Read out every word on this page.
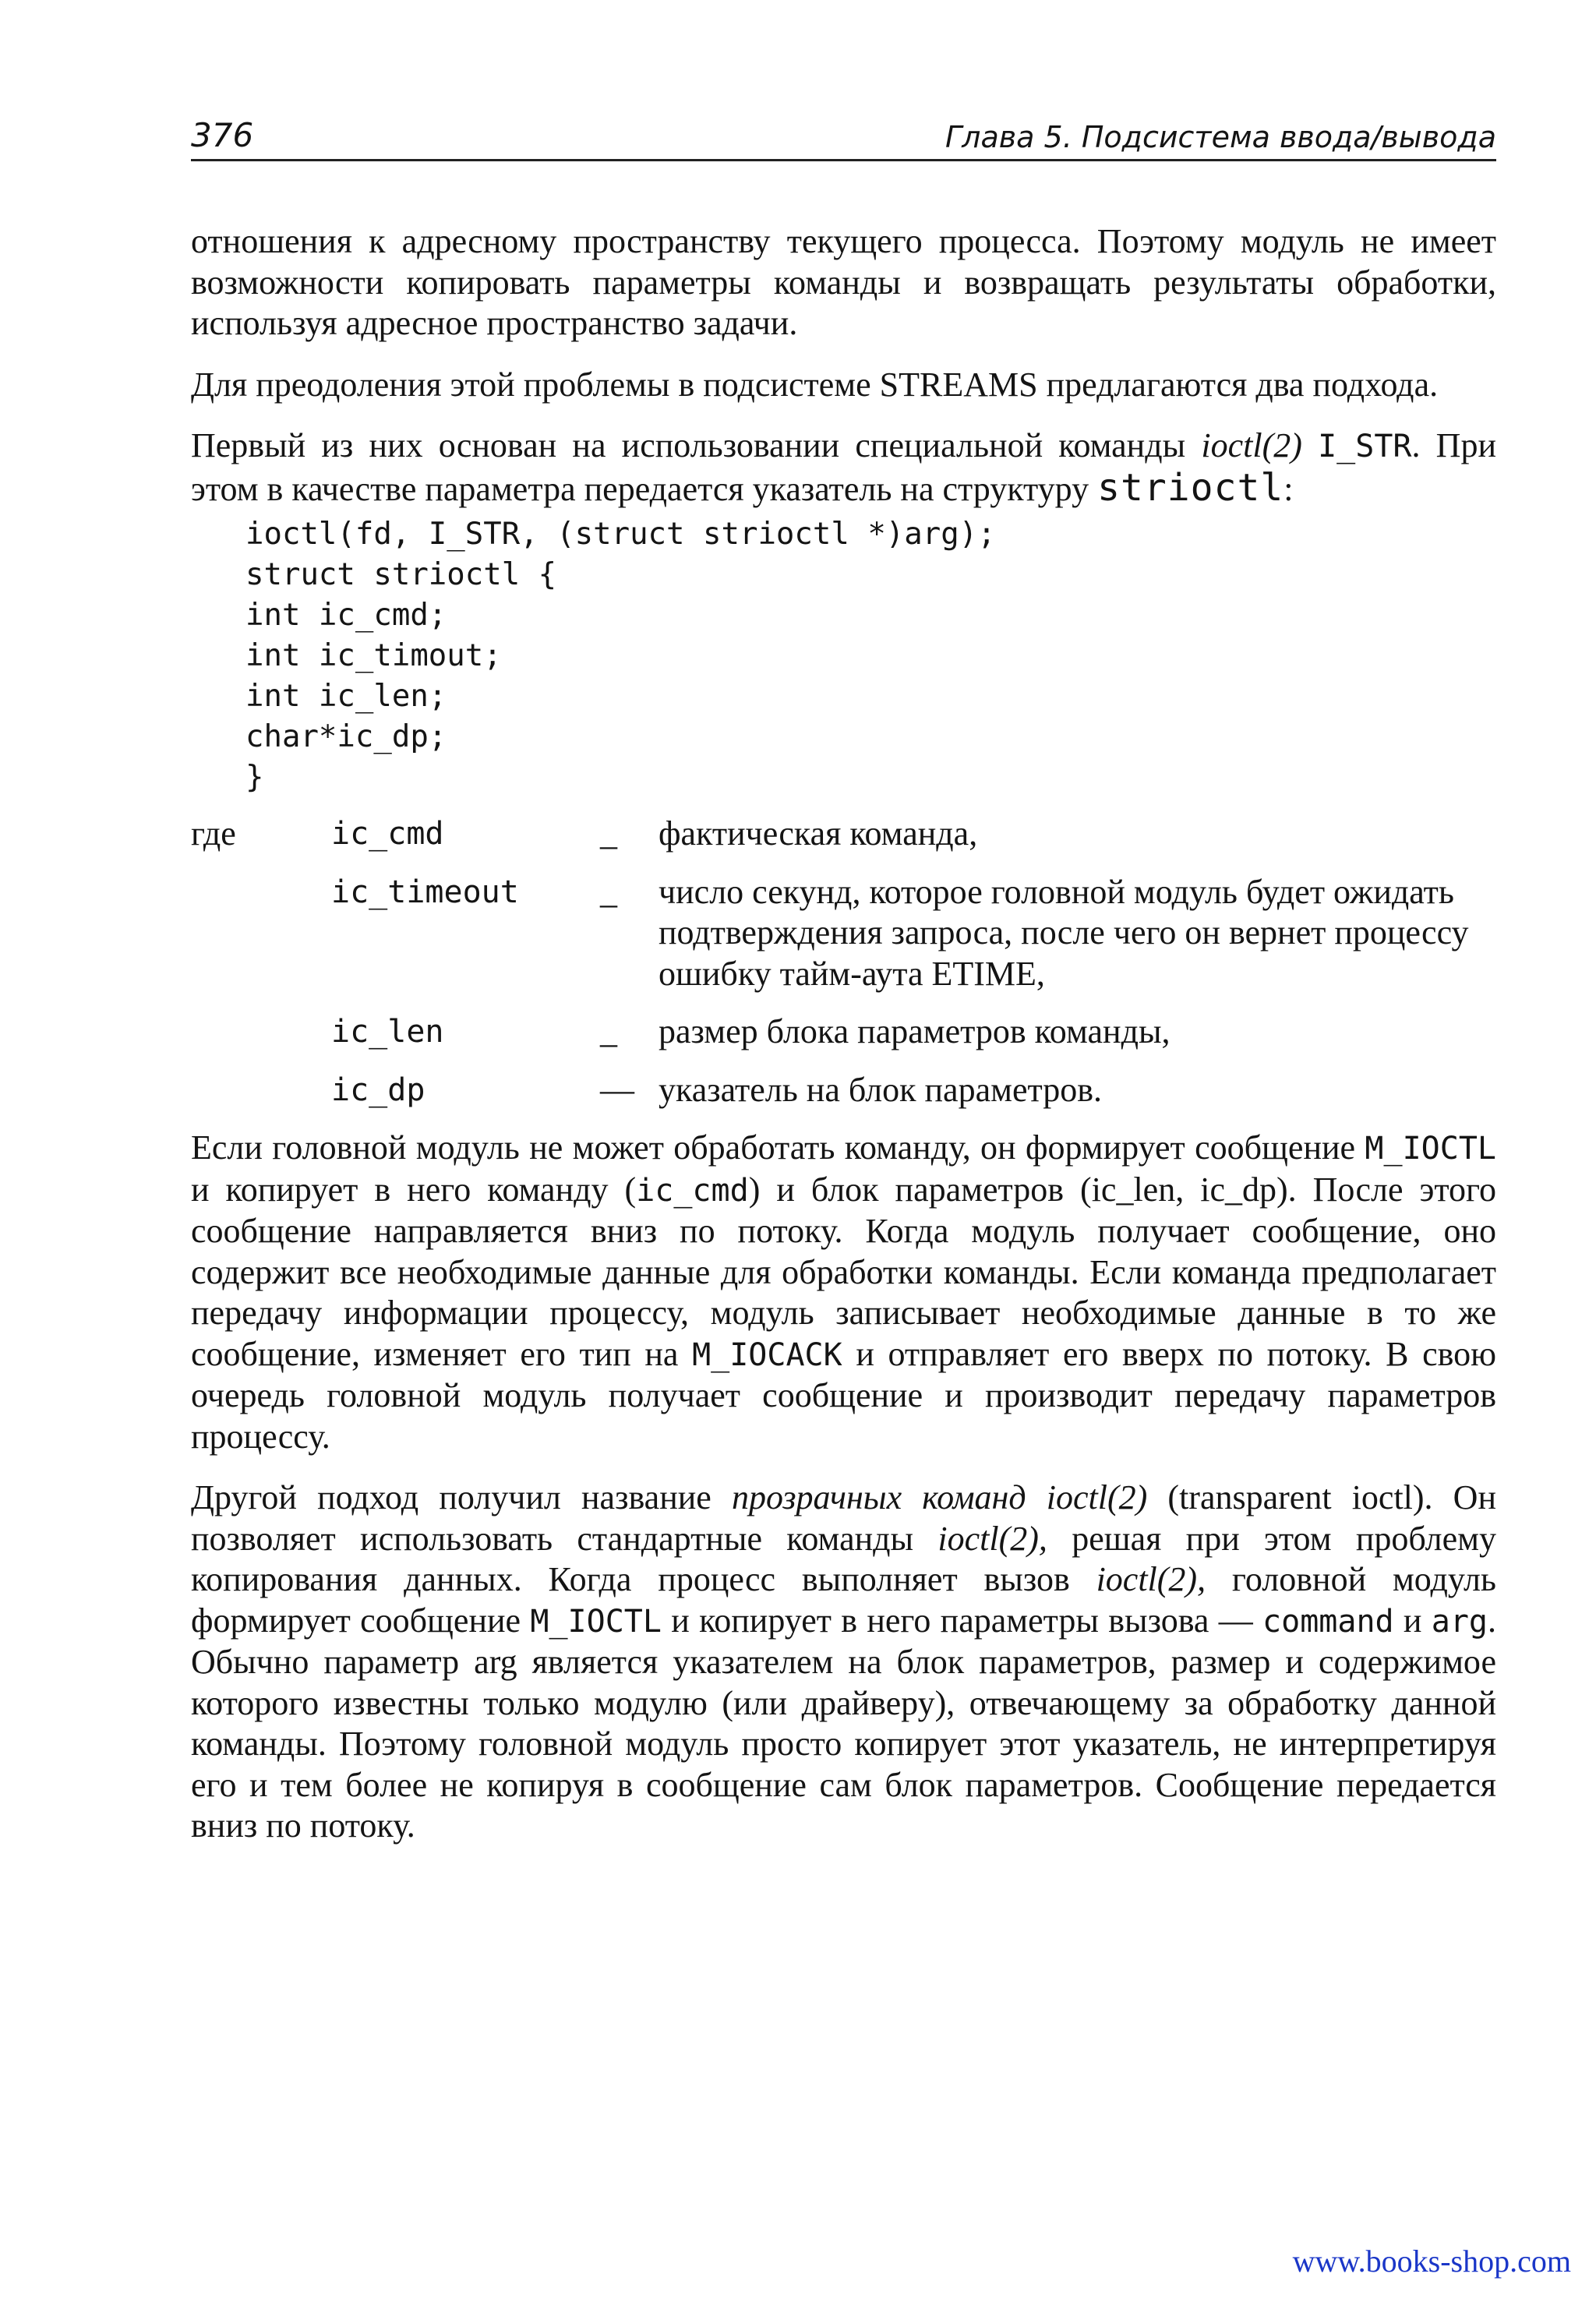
376	Глава 5. Подсистема ввода/вывода

отношения к адресному пространству текущего процесса. Поэтому модуль не имеет возможности копировать параметры команды и возвращать результаты обработки, используя адресное пространство задачи.

Для преодоления этой проблемы в подсистеме STREAMS предлагаются два подхода.

Первый из них основан на использовании специальной команды ioctl(2) I_STR. При этом в качестве параметра передается указатель на структуру strioctl:

ioctl(fd, I_STR, (struct strioctl *)arg);
struct strioctl {
int ic_cmd;
int ic_timout;
int ic_len;
char*ic_dp;
}
где	ic_cmd	_	фактическая команда,
ic_timeout	_	число секунд, которое головной модуль будет ожидать подтверждения запроса, после чего он вернет процессу ошибку тайм-аута ETIME,
ic_len	_	размер блока параметров команды,
ic_dp	— указатель на блок параметров.

Если головной модуль не может обработать команду, он формирует сообщение M_IOCTL и копирует в него команду (ic_cmd) и блок параметров (ic_len, ic_dp). После этого сообщение направляется вниз по потоку. Когда модуль получает сообщение, оно содержит все необходимые данные для обработки команды. Если команда предполагает передачу информации процессу, модуль записывает необходимые данные в то же сообщение, изменяет его тип на M_IOCACK и отправляет его вверх по потоку. В свою очередь головной модуль получает сообщение и производит передачу параметров процессу.

Другой подход получил название прозрачных команд ioctl(2) (transparent ioctl). Он позволяет использовать стандартные команды ioctl(2), решая при этом проблему копирования данных. Когда процесс выполняет вызов ioctl(2), головной модуль формирует сообщение M_IOCTL и копирует в него параметры вызова — command и arg. Обычно параметр arg является указателем на блок параметров, размер и содержимое которого известны только модулю (или драйверу), отвечающему за обработку данной команды. Поэтому головной модуль просто копирует этот указатель, не интерпретируя его и тем более не копируя в сообщение сам блок параметров. Сообщение передается вниз по потоку.

www.books-shop.com
